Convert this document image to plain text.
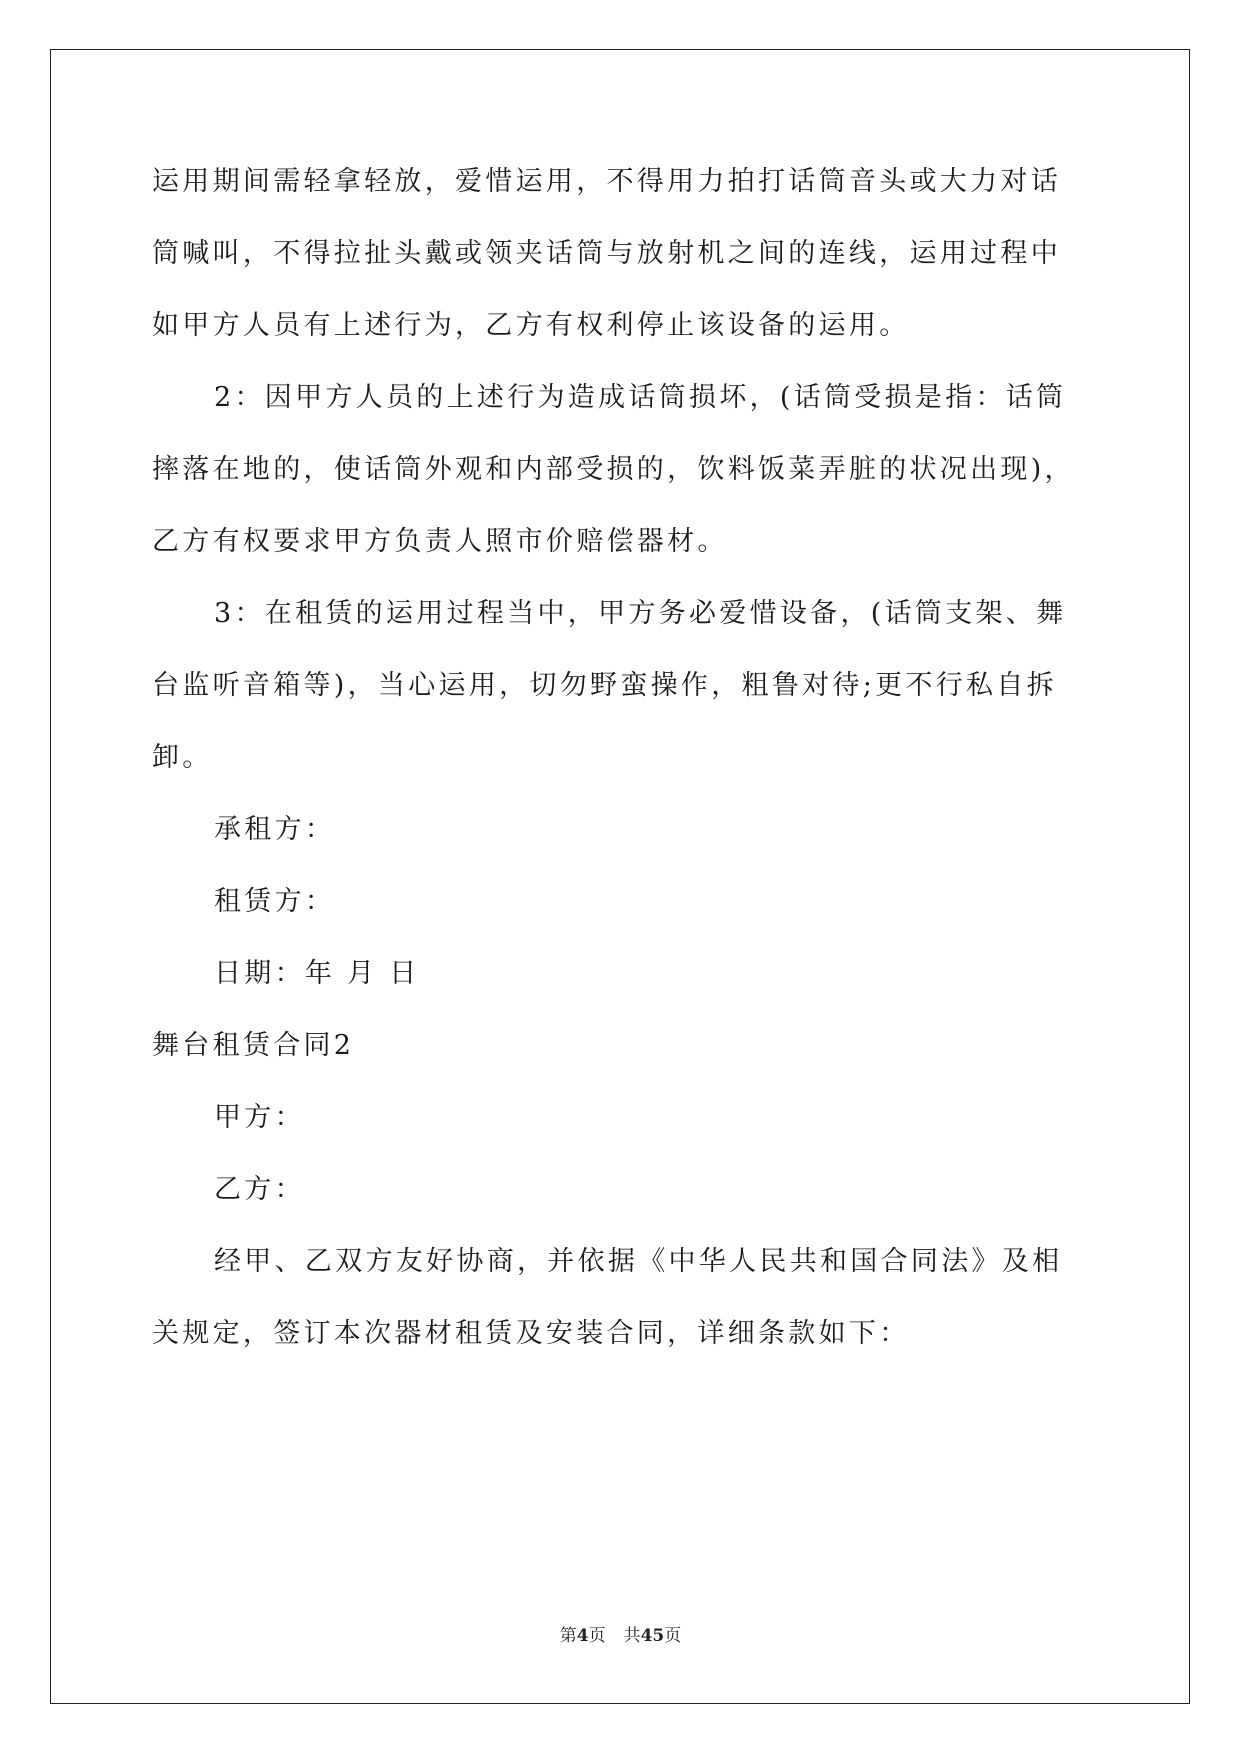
运用期间需轻拿轻放，爱惜运用，不得用力拍打话筒音头或大力对话
筒喊叫，不得拉扯头戴或领夹话筒与放射机之间的连线，运用过程中
如甲方人员有上述行为，乙方有权利停止该设备的运用。
2：因甲方人员的上述行为造成话筒损坏，(话筒受损是指：话筒
摔落在地的，使话筒外观和内部受损的，饮料饭菜弄脏的状况出现)，
乙方有权要求甲方负责人照市价赔偿器材。
3：在租赁的运用过程当中，甲方务必爱惜设备，(话筒支架、舞
台监听音箱等)，当心运用，切勿野蛮操作，粗鲁对待;更不行私自拆
卸。
承租方：
租赁方：
日期：年 月 日
舞台租赁合同2
甲方：
乙方：
经甲、乙双方友好协商，并依据《中华人民共和国合同法》及相
关规定，签订本次器材租赁及安装合同，详细条款如下：
第4页 共45页
